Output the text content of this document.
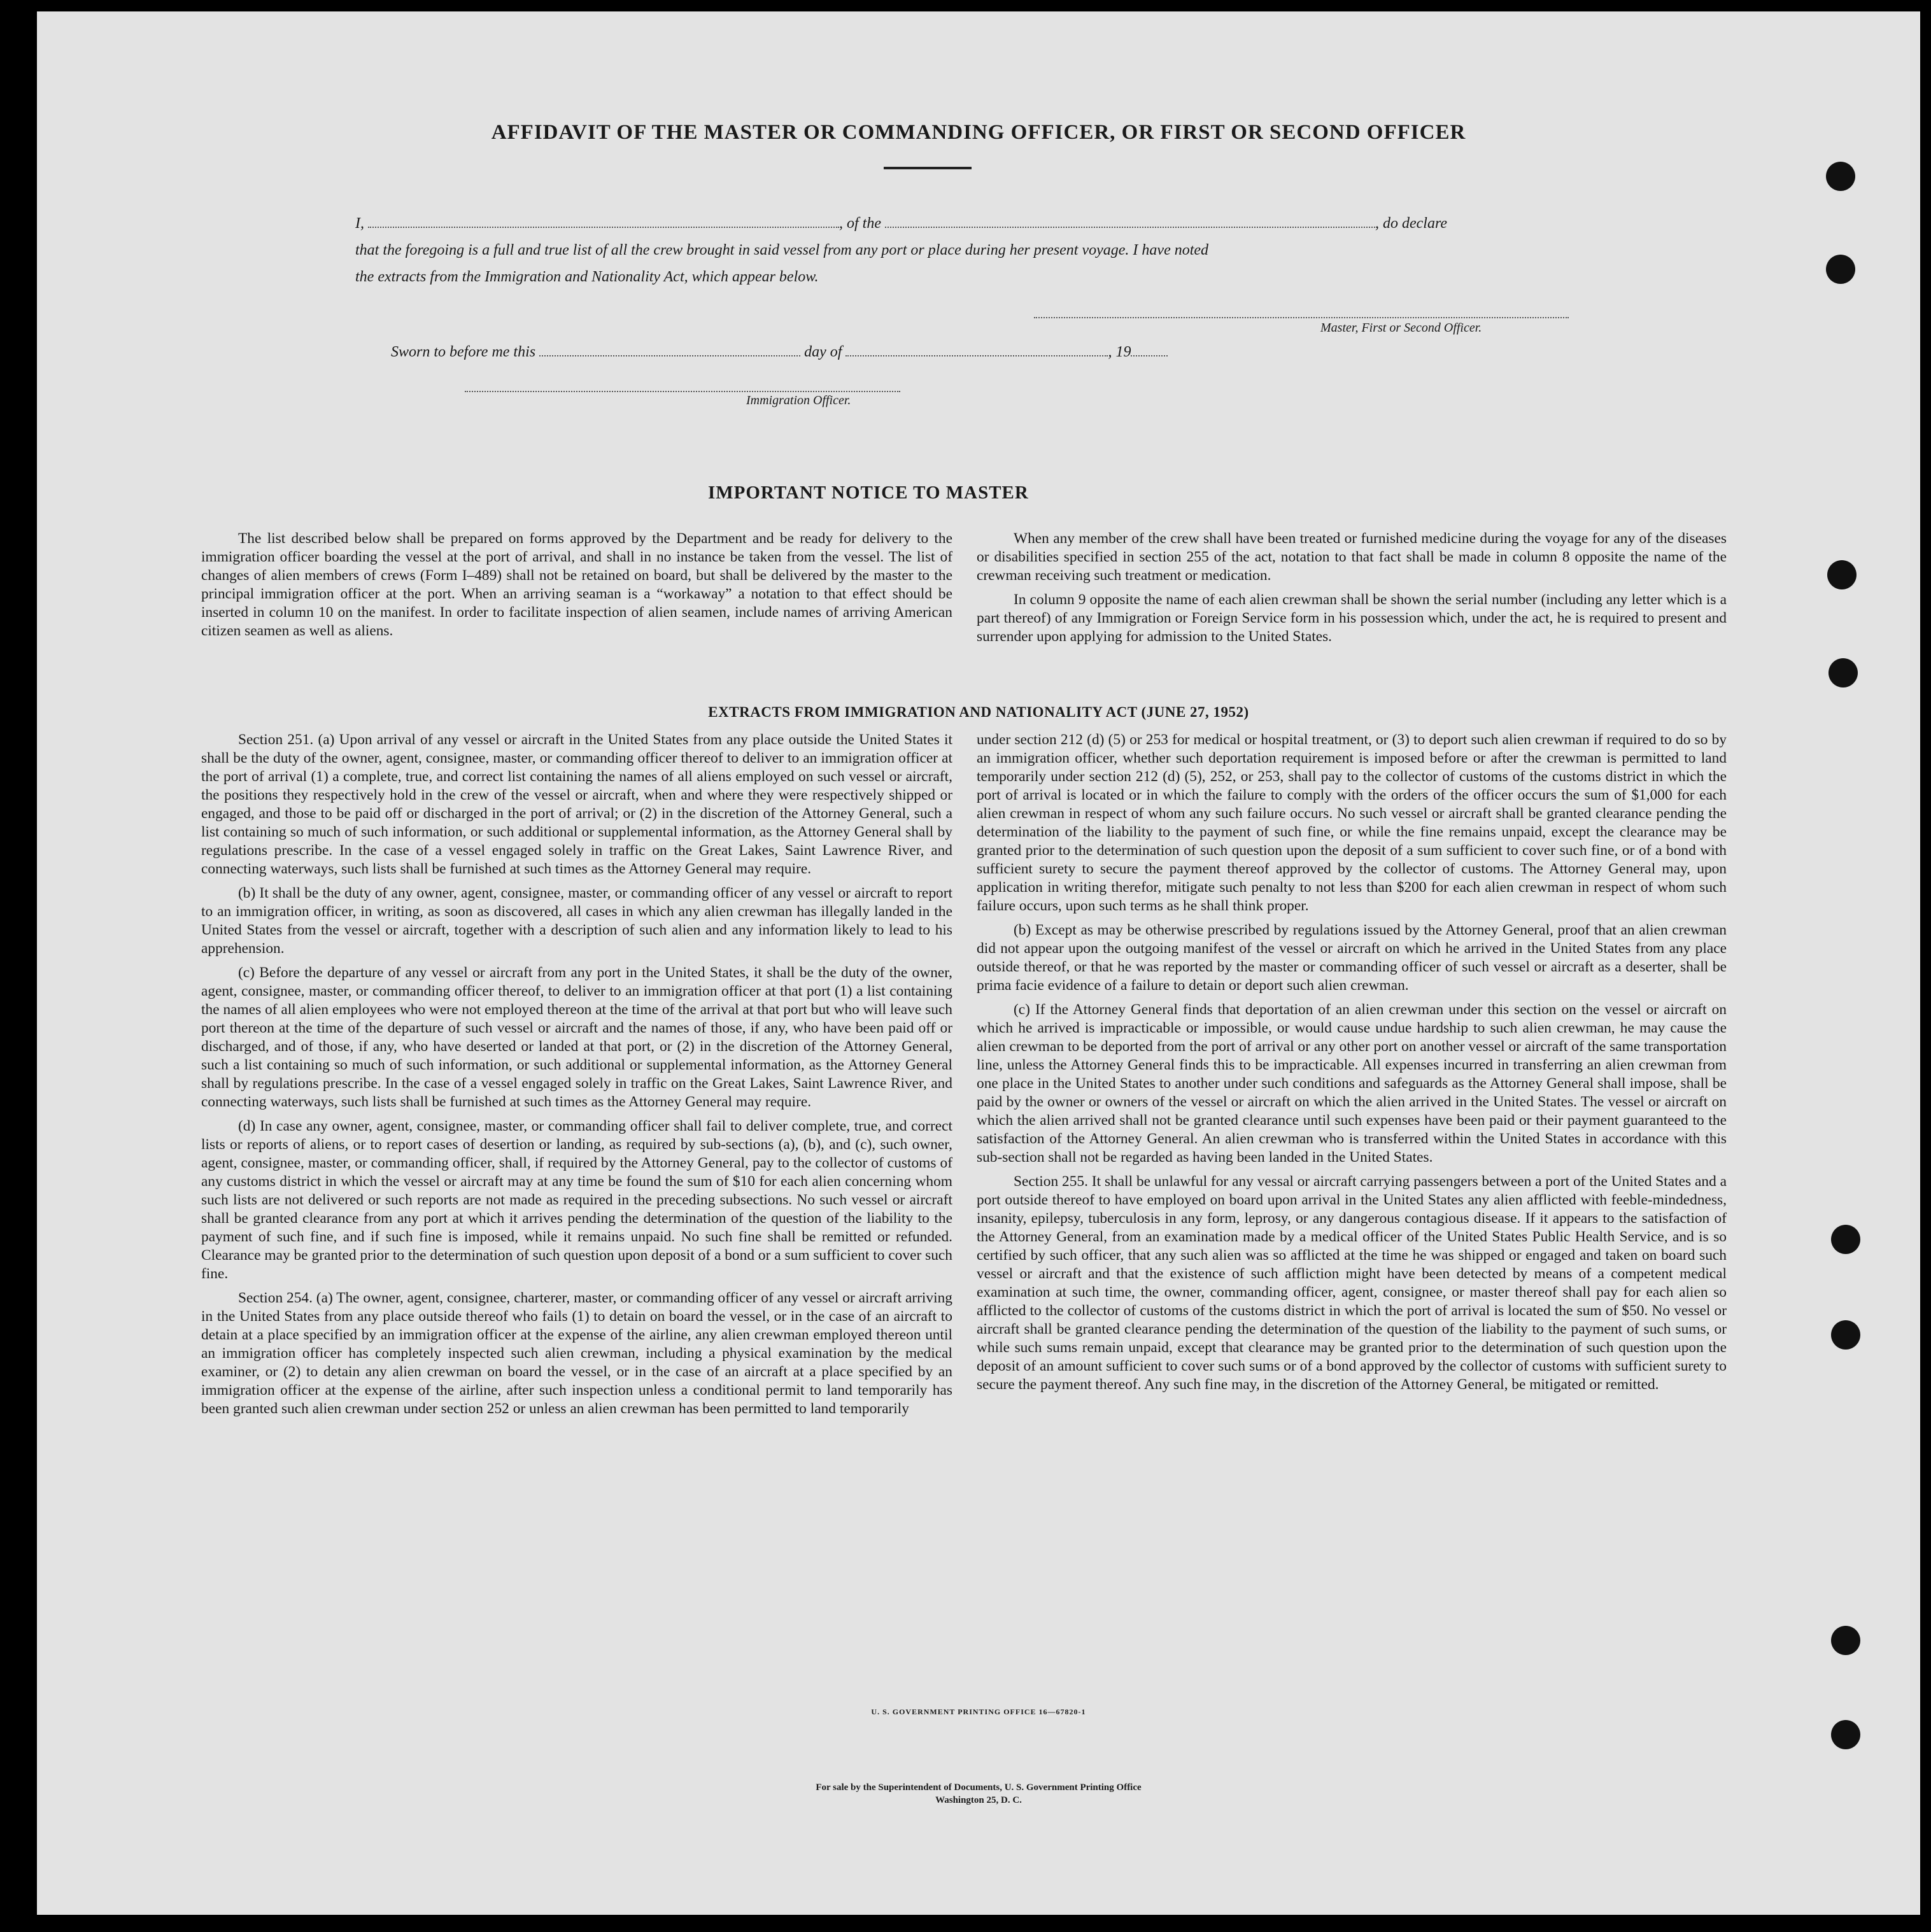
AFFIDAVIT OF THE MASTER OR COMMANDING OFFICER, OR FIRST OR SECOND OFFICER
I,	, of the	, do declare
that the foregoing is a full and true list of all the crew brought in said vessel from any port or place during her present voyage. I have noted
the extracts from the Immigration and Nationality Act, which appear below.
Master, First or Second Officer.
Sworn to before me this	day of	, 19
Immigration Officer.
IMPORTANT NOTICE TO MASTER

The list described below shall be prepared on forms approved by the Department and be ready for delivery to the immigration officer boarding the vessel at the port of arrival, and shall in no instance be taken from the vessel. The list of changes of alien members of crews (Form I–489) shall not be retained on board, but shall be delivered by the master to the principal immigration officer at the port. When an arriving seaman is a “workaway” a notation to that effect should be inserted in column 10 on the manifest. In order to facilitate inspection of alien seamen, include names of arriving American citizen seamen as well as aliens.

When any member of the crew shall have been treated or furnished medicine during the voyage for any of the diseases or disabilities specified in section 255 of the act, notation to that fact shall be made in column 8 opposite the name of the crewman receiving such treatment or medication.

In column 9 opposite the name of each alien crewman shall be shown the serial number (including any letter which is a part thereof) of any Immigration or Foreign Service form in his possession which, under the act, he is required to present and surrender upon applying for admission to the United States.

EXTRACTS FROM IMMIGRATION AND NATIONALITY ACT (JUNE 27, 1952)

Section 251. (a) Upon arrival of any vessel or aircraft in the United States from any place outside the United States it shall be the duty of the owner, agent, consignee, master, or commanding officer thereof to deliver to an immigration officer at the port of arrival (1) a complete, true, and correct list containing the names of all aliens employed on such vessel or aircraft, the positions they respectively hold in the crew of the vessel or aircraft, when and where they were respectively shipped or engaged, and those to be paid off or discharged in the port of arrival; or (2) in the discretion of the Attorney General, such a list containing so much of such information, or such additional or supplemental information, as the Attorney General shall by regulations prescribe. In the case of a vessel engaged solely in traffic on the Great Lakes, Saint Lawrence River, and connecting waterways, such lists shall be furnished at such times as the Attorney General may require.

(b) It shall be the duty of any owner, agent, consignee, master, or commanding officer of any vessel or aircraft to report to an immigration officer, in writing, as soon as discovered, all cases in which any alien crewman has illegally landed in the United States from the vessel or aircraft, together with a description of such alien and any information likely to lead to his apprehension.

(c) Before the departure of any vessel or aircraft from any port in the United States, it shall be the duty of the owner, agent, consignee, master, or commanding officer thereof, to deliver to an immigration officer at that port (1) a list containing the names of all alien employees who were not employed thereon at the time of the arrival at that port but who will leave such port thereon at the time of the departure of such vessel or aircraft and the names of those, if any, who have been paid off or discharged, and of those, if any, who have deserted or landed at that port, or (2) in the discretion of the Attorney General, such a list containing so much of such information, or such additional or supplemental information, as the Attorney General shall by regulations prescribe. In the case of a vessel engaged solely in traffic on the Great Lakes, Saint Lawrence River, and connecting waterways, such lists shall be furnished at such times as the Attorney General may require.

(d) In case any owner, agent, consignee, master, or commanding officer shall fail to deliver complete, true, and correct lists or reports of aliens, or to report cases of desertion or landing, as required by sub-sections (a), (b), and (c), such owner, agent, consignee, master, or commanding officer, shall, if required by the Attorney General, pay to the collector of customs of any customs district in which the vessel or aircraft may at any time be found the sum of $10 for each alien concerning whom such lists are not delivered or such reports are not made as required in the preceding subsections. No such vessel or aircraft shall be granted clearance from any port at which it arrives pending the determination of the question of the liability to the payment of such fine, and if such fine is imposed, while it remains unpaid. No such fine shall be remitted or refunded. Clearance may be granted prior to the determination of such question upon deposit of a bond or a sum sufficient to cover such fine.

Section 254. (a) The owner, agent, consignee, charterer, master, or commanding officer of any vessel or aircraft arriving in the United States from any place outside thereof who fails (1) to detain on board the vessel, or in the case of an aircraft to detain at a place specified by an immigration officer at the expense of the airline, any alien crewman employed thereon until an immigration officer has completely inspected such alien crewman, including a physical examination by the medical examiner, or (2) to detain any alien crewman on board the vessel, or in the case of an aircraft at a place specified by an immigration officer at the expense of the airline, after such inspection unless a conditional permit to land temporarily has been granted such alien crewman under section 252 or unless an alien crewman has been permitted to land temporarily

under section 212 (d) (5) or 253 for medical or hospital treatment, or (3) to deport such alien crewman if required to do so by an immigration officer, whether such deportation requirement is imposed before or after the crewman is permitted to land temporarily under section 212 (d) (5), 252, or 253, shall pay to the collector of customs of the customs district in which the port of arrival is located or in which the failure to comply with the orders of the officer occurs the sum of $1,000 for each alien crewman in respect of whom any such failure occurs. No such vessel or aircraft shall be granted clearance pending the determination of the liability to the payment of such fine, or while the fine remains unpaid, except the clearance may be granted prior to the determination of such question upon the deposit of a sum sufficient to cover such fine, or of a bond with sufficient surety to secure the payment thereof approved by the collector of customs. The Attorney General may, upon application in writing therefor, mitigate such penalty to not less than $200 for each alien crewman in respect of whom such failure occurs, upon such terms as he shall think proper.

(b) Except as may be otherwise prescribed by regulations issued by the Attorney General, proof that an alien crewman did not appear upon the outgoing manifest of the vessel or aircraft on which he arrived in the United States from any place outside thereof, or that he was reported by the master or commanding officer of such vessel or aircraft as a deserter, shall be prima facie evidence of a failure to detain or deport such alien crewman.

(c) If the Attorney General finds that deportation of an alien crewman under this section on the vessel or aircraft on which he arrived is impracticable or impossible, or would cause undue hardship to such alien crewman, he may cause the alien crewman to be deported from the port of arrival or any other port on another vessel or aircraft of the same transportation line, unless the Attorney General finds this to be impracticable. All expenses incurred in transferring an alien crewman from one place in the United States to another under such conditions and safeguards as the Attorney General shall impose, shall be paid by the owner or owners of the vessel or aircraft on which the alien arrived in the United States. The vessel or aircraft on which the alien arrived shall not be granted clearance until such expenses have been paid or their payment guaranteed to the satisfaction of the Attorney General. An alien crewman who is transferred within the United States in accordance with this sub-section shall not be regarded as having been landed in the United States.

Section 255. It shall be unlawful for any vessal or aircraft carrying passengers between a port of the United States and a port outside thereof to have employed on board upon arrival in the United States any alien afflicted with feeble-mindedness, insanity, epilepsy, tuberculosis in any form, leprosy, or any dangerous contagious disease. If it appears to the satisfaction of the Attorney General, from an examination made by a medical officer of the United States Public Health Service, and is so certified by such officer, that any such alien was so afflicted at the time he was shipped or engaged and taken on board such vessel or aircraft and that the existence of such affliction might have been detected by means of a competent medical examination at such time, the owner, commanding officer, agent, consignee, or master thereof shall pay for each alien so afflicted to the collector of customs of the customs district in which the port of arrival is located the sum of $50. No vessel or aircraft shall be granted clearance pending the determination of the question of the liability to the payment of such sums, or while such sums remain unpaid, except that clearance may be granted prior to the determination of such question upon the deposit of an amount sufficient to cover such sums or of a bond approved by the collector of customs with sufficient surety to secure the payment thereof. Any such fine may, in the discretion of the Attorney General, be mitigated or remitted.

U. S. GOVERNMENT PRINTING OFFICE 16—67820-1
For sale by the Superintendent of Documents, U. S. Government Printing Office
Washington 25, D. C.
